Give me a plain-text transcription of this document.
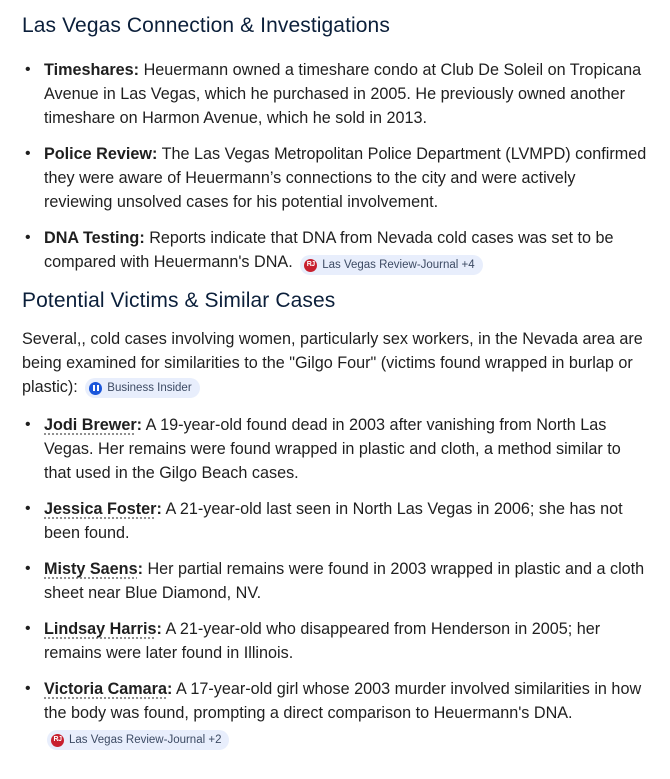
Las Vegas Connection & Investigations
• Timeshares: Heuermann owned a timeshare condo at Club De Soleil on Tropicana Avenue in Las Vegas, which he purchased in 2005. He previously owned another timeshare on Harmon Avenue, which he sold in 2013.
• Police Review: The Las Vegas Metropolitan Police Department (LVMPD) confirmed they were aware of Heuermann’s connections to the city and were actively reviewing unsolved cases for his potential involvement.
• DNA Testing: Reports indicate that DNA from Nevada cold cases was set to be compared with Heuermann's DNA.	RJ Las Vegas Review-Journal +4
Potential Victims & Similar Cases

Several,, cold cases involving women, particularly sex workers, in the Nevada area are being examined for similarities to the "Gilgo Four" (victims found wrapped in burlap or plastic):	Business Insider

• Jodi Brewer: A 19-year-old found dead in 2003 after vanishing from North Las Vegas. Her remains were found wrapped in plastic and cloth, a method similar to that used in the Gilgo Beach cases.
• Jessica Foster: A 21-year-old last seen in North Las Vegas in 2006; she has not been found.
• Misty Saens: Her partial remains were found in 2003 wrapped in plastic and a cloth sheet near Blue Diamond, NV.
• Lindsay Harris: A 21-year-old who disappeared from Henderson in 2005; her remains were later found in Illinois.
• Victoria Camara: A 17-year-old girl whose 2003 murder involved similarities in how the body was found, prompting a direct comparison to Heuermann's DNA.
RJ Las Vegas Review-Journal +2
